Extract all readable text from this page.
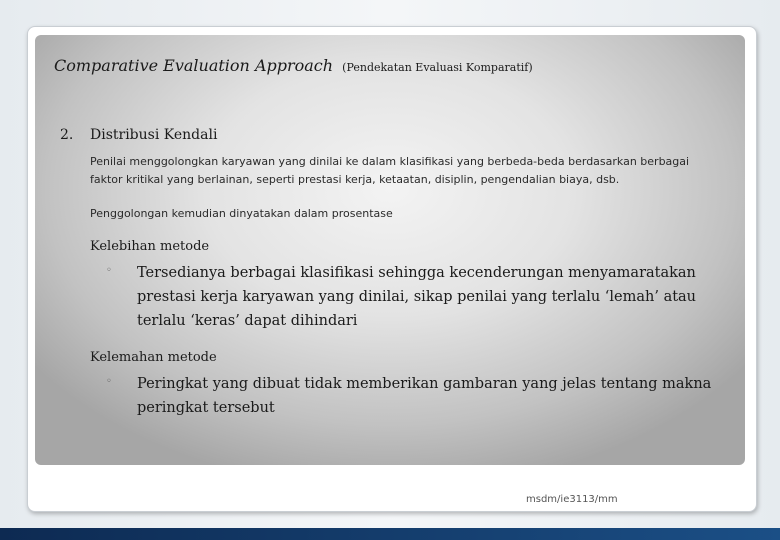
Comparative Evaluation Approach (Pendekatan Evaluasi Komparatif)
2. Distribusi Kendali

Penilai menggolongkan karyawan yang dinilai ke dalam klasifikasi yang berbeda-beda berdasarkan berbagai faktor kritikal yang berlainan, seperti prestasi kerja, ketaatan, disiplin, pengendalian biaya, dsb.

Penggolongan kemudian dinyatakan dalam prosentase

Kelebihan metode
◦ Tersedianya berbagai klasifikasi sehingga kecenderungan menyamaratakan prestasi kerja karyawan yang dinilai, sikap penilai yang terlalu ‘lemah’ atau terlalu ‘keras’ dapat dihindari

Kelemahan metode
◦ Peringkat yang dibuat tidak memberikan gambaran yang jelas tentang makna peringkat tersebut

msdm/ie3113/mm
